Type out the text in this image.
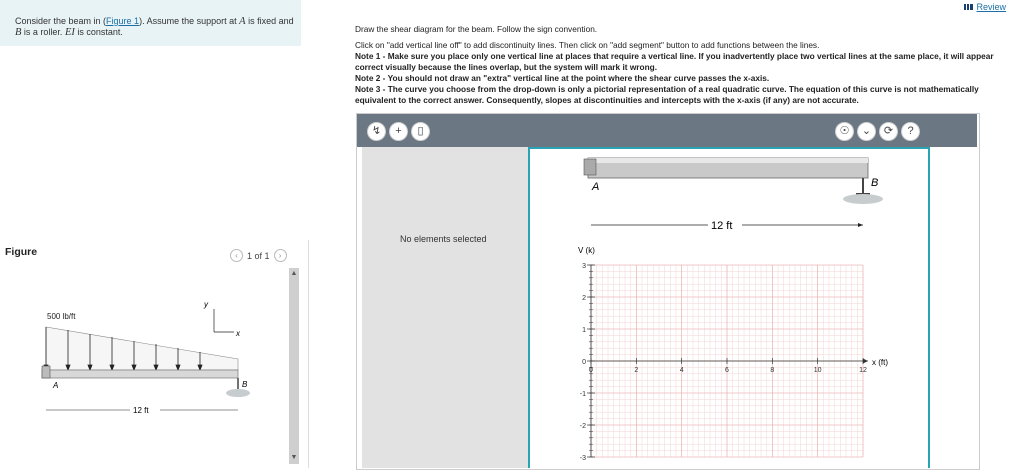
Consider the beam in (Figure 1). Assume the support at A is fixed and
B is a roller. EI is constant.
Figure	‹	1 of 1	›
500 lb/ft
y
x
A	B
12 ft
▲
▼
Review

Draw the shear diagram for the beam. Follow the sign convention.

Click on "add vertical line off" to add discontinuity lines. Then click on "add segment" button to add functions between the lines.

Note 1 - Make sure you place only one vertical line at places that require a vertical line. If you inadvertently place two vertical lines at the same place, it will appear correct visually because the lines overlap, but the system will mark it wrong.

Note 2 - You should not draw an "extra" vertical line at the point where the shear curve passes the x-axis.

Note 3 - The curve you choose from the drop-down is only a pictorial representation of a real quadratic curve. The equation of this curve is not mathematically equivalent to the correct answer. Consequently, slopes at discontinuities and intercepts with the x-axis (if any) are not accurate.

↯	+	▯	☉	⌄	⟳	?
No elements selected
A	B
12 ft
3
2
1
0
-1
-2
-3
0	2	4	6	8	10	12
V (k)
x (ft)
